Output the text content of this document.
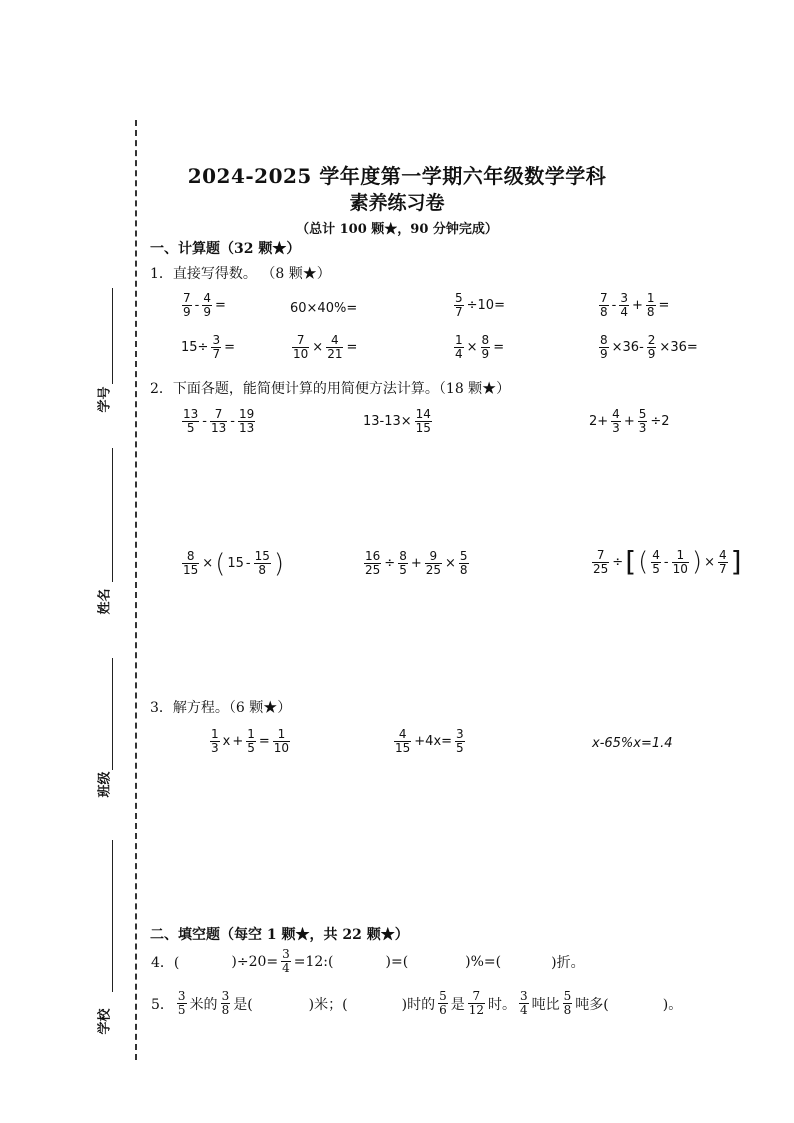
学号
姓名
班级
学校
2024-2025 学年度第一学期六年级数学学科
素养练习卷
（总计 100 颗★，90 分钟完成）
一、计算题（32 颗★）
1．直接写得数。 （8 颗★）
$\frac{7}{9} - \frac{4}{9}$ =	60×40%=	$\frac{5}{7} \div 10=$	$\frac{7}{8} - \frac{3}{4} + \frac{1}{8}$ =
$15\div \frac{3}{7}$ =	$\frac{7}{10} \times \frac{4}{21}$ =	$\frac{1}{4} \times \frac{8}{9}$ =	$\frac{8}{9} \times 36- \frac{2}{9} \times 36=$
2．下面各题，能简便计算的用简便方法计算。（18 颗★）
$\frac{13}{5} - \frac{7}{13} - \frac{19}{13}$	$13-13\times \frac{14}{15}$	$2+ \frac{4}{3} + \frac{5}{3} \div 2$
$\frac{8}{15}$ × ( $15 - \frac{15}{8}$ )	$\frac{16}{25} \div \frac{8}{5} + \frac{9}{25} \times \frac{5}{8}$	$\frac{7}{25}$ ÷ [ ( $\frac{4}{5} - \frac{1}{10}$ ) × $\frac{4}{7}$ ]
3．解方程。（6 颗★）
$\frac{1}{3}$ $x + \frac{1}{5} = \frac{1}{10}$	$\frac{4}{15} +4x= \frac{3}{5}$	x-65%x=1.4
二、填空题（每空 1 颗★，共 22 颗★）
4．(	)$\div 20= \frac{3}{4}$ =12:(	)=(	)%=(	)折。
5． $\frac{3}{5}$ 米的 $\frac{3}{8}$ 是(	)米；(	)时的 $\frac{5}{6}$ 是 $\frac{7}{12}$ 时。 $\frac{3}{4}$ 吨比 $\frac{5}{8}$ 吨多(	)。
